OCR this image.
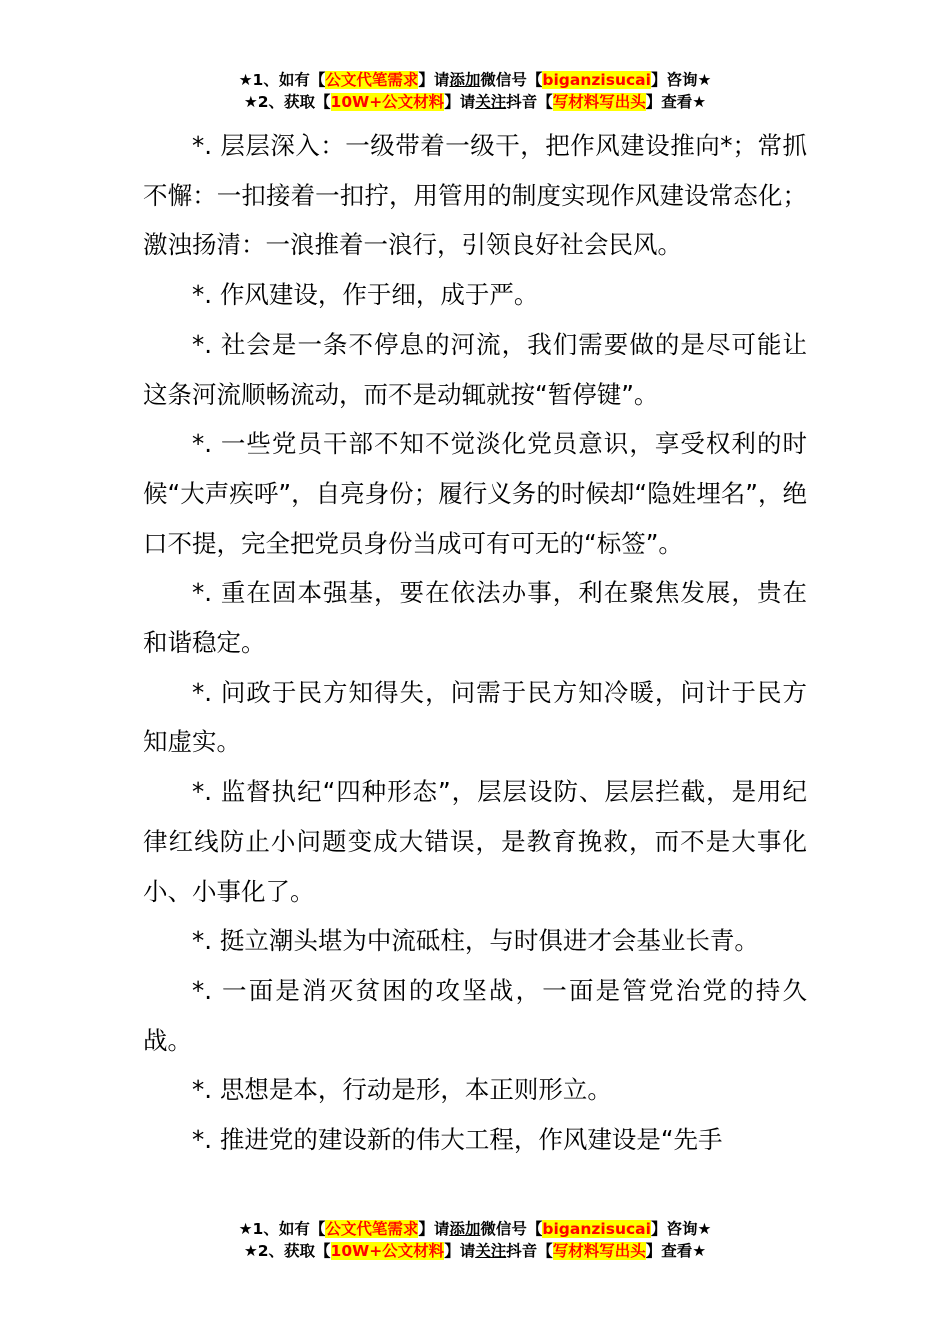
★1、如有【公文代笔需求】请添加微信号【biganzisucai】咨询★
★2、获取【10W+公文材料】请关注抖音【写材料写出头】查看★

*. 层层深入：一级带着一级干，把作风建设推向*；常抓不懈：一扣接着一扣拧，用管用的制度实现作风建设常态化；激浊扬清：一浪推着一浪行，引领良好社会民风。

*. 作风建设，作于细，成于严。

*. 社会是一条不停息的河流，我们需要做的是尽可能让这条河流顺畅流动，而不是动辄就按“暂停键”。

*. 一些党员干部不知不觉淡化党员意识，享受权利的时候“大声疾呼”，自亮身份；履行义务的时候却“隐姓埋名”，绝口不提，完全把党员身份当成可有可无的“标签”。

*. 重在固本强基，要在依法办事，利在聚焦发展，贵在和谐稳定。

*. 问政于民方知得失，问需于民方知冷暖，问计于民方知虚实。

*. 监督执纪“四种形态”，层层设防、层层拦截，是用纪律红线防止小问题变成大错误，是教育挽救，而不是大事化小、小事化了。

*. 挺立潮头堪为中流砥柱，与时俱进才会基业长青。

*. 一面是消灭贫困的攻坚战，一面是管党治党的持久战。

*. 思想是本，行动是形，本正则形立。

*. 推进党的建设新的伟大工程，作风建设是“先手

★1、如有【公文代笔需求】请添加微信号【biganzisucai】咨询★
★2、获取【10W+公文材料】请关注抖音【写材料写出头】查看★
